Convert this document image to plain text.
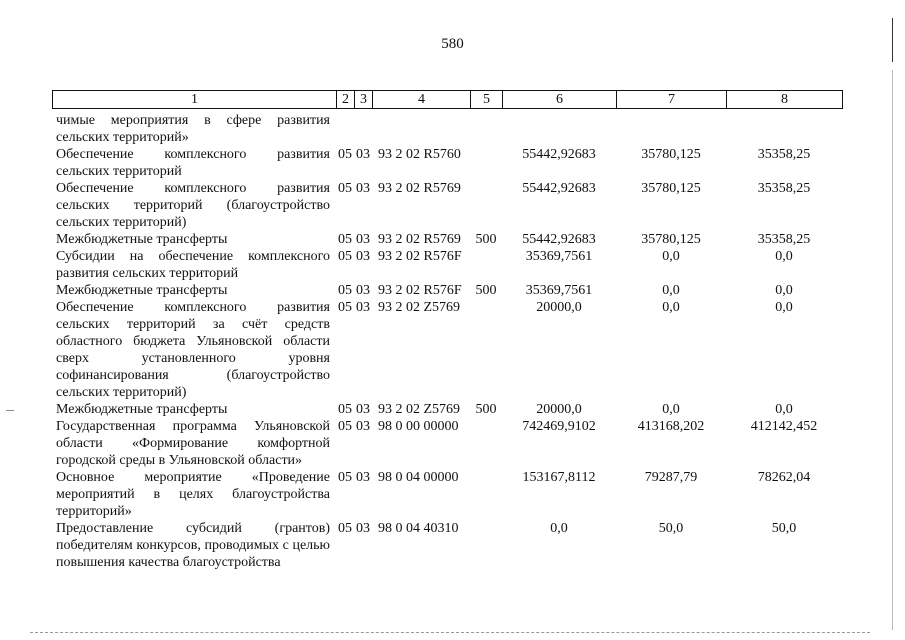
580
1	2	3	4	5	6	7	8
чимые мероприятия в сфере развития сельских территорий»							
Обеспечение комплексного развития сельских территорий	05	03	93 2 02 R5760		55442,92683	35780,125	35358,25
Обеспечение комплексного развития сельских территорий (благоустройство сельских территорий)	05	03	93 2 02 R5769		55442,92683	35780,125	35358,25
Межбюджетные трансферты	05	03	93 2 02 R5769	500	55442,92683	35780,125	35358,25
Субсидии на обеспечение комплексного развития сельских территорий	05	03	93 2 02 R576F		35369,7561	0,0	0,0
Межбюджетные трансферты	05	03	93 2 02 R576F	500	35369,7561	0,0	0,0
Обеспечение комплексного развития сельских территорий за счёт средств областного бюджета Ульяновской области сверх установленного уровня софинансирования (благоустройство сельских территорий)	05	03	93 2 02 Z5769		20000,0	0,0	0,0
Межбюджетные трансферты	05	03	93 2 02 Z5769	500	20000,0	0,0	0,0
Государственная программа Ульяновской области «Формирование комфортной городской среды в Ульяновской области»	05	03	98 0 00 00000		742469,9102	413168,202	412142,452
Основное мероприятие «Проведение мероприятий в целях благоустройства территорий»	05	03	98 0 04 00000		153167,8112	79287,79	78262,04
Предоставление субсидий (грантов) победителям конкурсов, проводимых с целью повышения качества благоустройства	05	03	98 0 04 40310		0,0	50,0	50,0
